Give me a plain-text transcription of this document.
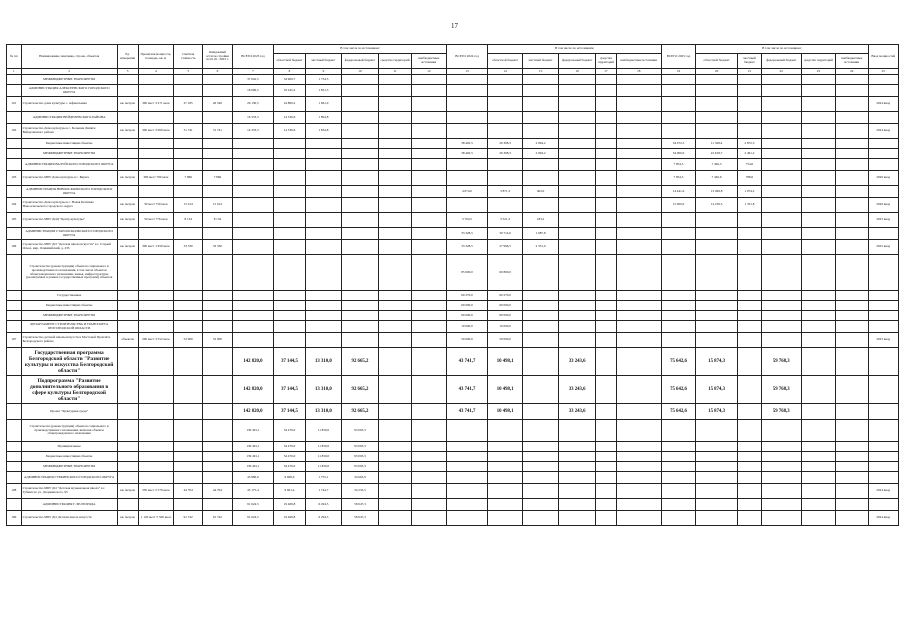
17
№ пп	Наименование заказчика, строек, объектов	Ед. измерения	Проектная мощность, площадь, кв. м	Сметная стоимость	Ожидаемый остаток стройки на 01.01. 2023 г.	ВСЕГО 2023 год	В том числе по источникам:					ВСЕГО 2024 год	В том числе по источникам:					ВСЕГО 2025 год	В том числе по источникам:					Ввод мощностей
							областной бюджет	местный бюджет	федеральный бюджет	средства территорий	внебюджетные источники		областной бюджет	местный бюджет	федеральный бюджет	средства территорий	внебюджетные источники		областной бюджет	местный бюджет	федеральный бюджет	средства территорий	внебюджетные источники	
1	2	3	4	5	6	7	8	9	10	11	12	13	14	15	16	17	18	19	20	21	22	23	24	25
	МЕЖБЮДЖЕТНЫЕ ТРАНСФЕРТЫ					37 042,5	34 909,7	1 754,5																
	АДМИНИСТРАЦИЯ АЛЕКСЕЕВСКОГО ГОРОДСКОГО ОКРУГА					18 006,5	16 245,2	1 851,5																
101	Строительство дома культуры с. Афанасьевка	кв. метров	300 мест 3 271 кв.м	27 185	26 549	26 130,5	24 800,2	1 661,0																2024 ввод
	АДМИНИСТРАЦИЯ ВЕЙДЕЛЕВСКОГО РАЙОНА					16 333,3	14 536,6	1 804,8																
102	Строительство Дома культуры в с. Большие Липяги Вейделевского района	кв. метров	300 мест 3 000 кв.м	31 741	31 741	14 333,3	14 536,6	1 834,8																2024 ввод
	Бюджетные инвестиции объекты											38 402,5	26 308,3	2 094,2				34 072,5	11 328,4	2 872,3				
	МЕЖБЮДЖЕТНЫЕ ТРАНСФЕРТЫ											38 402,5	26 308,3	2 094,2				34 000,0	22 618,7	2 461,2				
	АДМИНИСТРАЦИЯ ВАЛУЙСКОГО ГОРОДСКОГО ОКРУГА																	7 854,5	7 462,5	754,0				
103	Строительство МБУ Дома культуры в с. Бирюч	кв. метров	300 мест 709 кв.м	7 866	7 866													7 854,5	7 462,6	788,0				2026 ввод
	АДМИНИСТРАЦИЯ НОВООСКОЛЬСКОГО ГОРОДСКОГО ОКРУГА											4 074,0	3 871,3	402,0				14 441,6	13 469,8	1 074,2				
104	Строительство Дома культуры в с. Новая Безгинка Новооскольского городского округа	кв. метров	30 мест 759 кв.м	15 914	15 914													15 000,0	14 239,5	1 331,8				2026 ввод
105	Строительство МБУ ДОД "Центр культуры"	кв. метров	50 мест 776 кв.м	8 134	8 134							3 704,5	3 521,3	183,2										2025 ввод
	АДМИНИСТРАЦИЯ СТАРООСКОЛЬСКОГО ГОРОДСКОГО ОКРУГА											33 328,5	30 714,6	1 087,8										
106	Строительство МБУ ДО "Детская школа искусств" в г. Старый Оскол, мкр. Олимпийский, д. 23б	кв. метров	300 мест 1 950 кв.м	33 330	33 330							33 328,5	27 996,5	2 331,0										2025 ввод
	Строительство (реконструкция) объектов социального и производственного назначения, в том числе объектов общегражданского назначения, жилья, инфраструктуры (реализуемых в рамках государственных программ) объектов											85 000,0	60 800,0											
	Государственные											60 270,0	60 270,0											
	Бюджетные инвестиции объекты											60 000,0	60 000,0											
	МЕЖБЮДЖЕТНЫЕ ТРАНСФЕРТЫ											60 000,0	60 000,0											
	ДЕПАРТАМЕНТ СТРОИТЕЛЬСТВА И ТРАНСПОРТА БЕЛГОРОДСКОЙ ОБЛАСТИ											10 000,0	10 000,0											
107	Строительство детской школы искусств в Мостовой Проплёте Белгородского района	объектов	200 мест 3 552 кв.м	52 000	52 000							50 000,0	50 000,0											2025 ввод
	Государственная программа Белгородской области "Развитие культуры и искусства Белгородской области"					142 820,0	37 144,5	13 310,0	92 665,2			43 741,7	10 498,1		33 243,6			75 642,6	15 874,3		59 768,3			
	Подпрограмма "Развитие дополнительного образования в сфере культуры Белгородской области"					142 820,0	37 144,5	13 310,0	92 665,2			43 741,7	10 498,1		33 243,6			75 642,6	15 874,3		59 768,3			
	Проект "Культурная среда"					142 820,0	37 144,5	13 310,0	92 665,2			43 741,7	10 498,1		33 243,6			75 642,6	15 874,3		59 768,3			
	Строительство (реконструкция) объектов социального и производственного назначения, включая объекты общегражданского назначения					139 491,1	34 476,0	11 850,0	93 093,3															
	Муниципальные					139 491,1	34 476,0	11 850,0	93 093,3															
	Бюджетные инвестиции объекты					139 491,1	34 476,0	11 850,0	93 093,3															
	МЕЖБЮДЖЕТНЫЕ ТРАНСФЕРТЫ					139 491,1	34 476,0	11 850,0	93 093,3															
	АДМИНИСТРАЦИЯ ГУБКИНСКОГО ГОРОДСКОГО ОКРУГА					45 866,6	9 608,6	1 755,1	34 603,9															
108	Строительство МБУ ДО "Детская музыкальная школа" в г. Губкин по ул. Дзержинского, 95	кв. метров	350 мест 2 576 кв.м	44 704	44 704	45 175,4	9 601,4	1 744,7	34 232,5															2024 ввод
	АДМИНИСТРАЦИЯ Г. БЕЛГОРОДА					91 624,5	19 469,8	6 294,5	58 647,3															
109	Строительство МБУ ДО Детская школа искусств	кв. метров	1 120 мест 5 500 кв.м	91 742	91 742	91 624,5	19 469,8	6 294,5	58 647,3															2024 ввод
